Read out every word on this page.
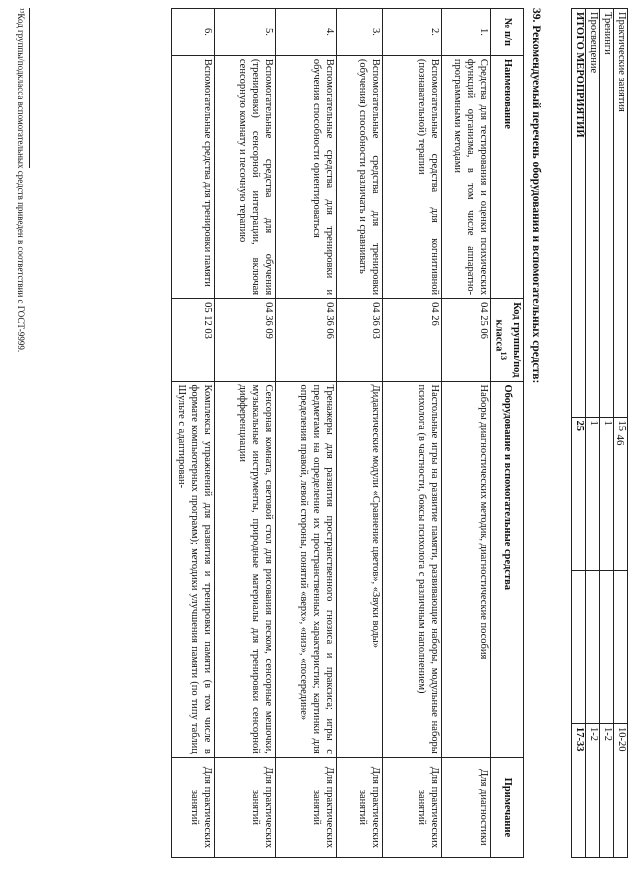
46
Практические занятия	15		10-20
Тренинги	1		1-2
Просвещение	1		1-2
ИТОГО МЕРОПРИЯТИЙ	25		17-33
39. Рекомендуемый перечень оборудования и вспомогательных средств:
№ п/п	Наименование	Код группы/под класса$^{13}$	Оборудование и вспомогательные средства	Примечание
1.	Средства для тестирования и оценки психических функций организма, в том числе аппаратно-программными методами	04 25 06	Наборы диагностических методик, диагностические пособия	Для диагностики
2.	Вспомогательные средства для когнитивной (познавательной) терапии	04 26	Настольные игры на развитие памяти, развивающие наборы, модульные наборы психолога (в частности, боксы психолога с различным наполнением)	Для практических занятий
3.	Вспомогательные средства для тренировки (обучения) способности различать и сравнивать	04 36 03	Дидактические модули «Сравнение цветов», «Звуки воды»	Для практических занятий
4.	Вспомогательные средства для тренировки и обучения способности ориентироваться	04 36 06	Тренажеры для развития пространственного гнозиса и праксиса; игры с предметами на определение их пространственных характеристик; картинки для определения правой, левой стороны, понятий «верх», «низ», «посередине»	Для практических занятий
5.	Вспомогательные средства для обучения (тренировки) сенсорной интеграции, включая сенсорную комнату и песочную терапию	04 36 09	Сенсорная комната, световой стол для рисования песком, сенсорные мешочки, музыкальные инструменты, природные материалы для тренировки сенсорной дифференциации	Для практических занятий
6.	Вспомогательные средства для тренировки памяти	05 12 03	Комплексы упражнений для развития и тренировки памяти (в том числе в формате компьютерных программ); методики улучшения памяти (по типу таблиц Шульте с адаптирован-	Для практических занятий
¹³Код группы/подкласса вспомогательных средств приведен в соответствии с ГОСТ-9999.
